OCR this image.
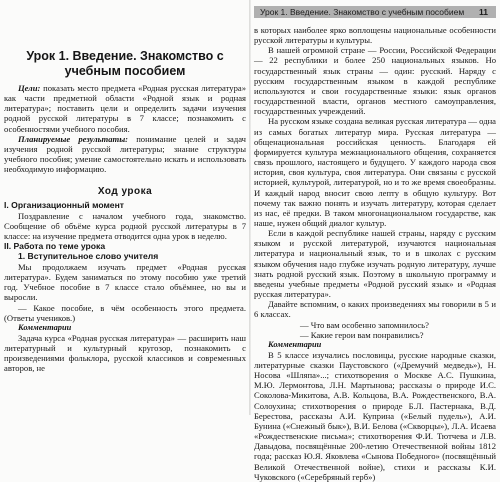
Урок 1. Введение. Знакомство с учебным пособием

Цели: показать место предмета «Родная русская литература» как части предметной области «Родной язык и родная литература»; поставить цели и определить задачи изучения родной русской литературы в 7 классе; познакомить с особенностями учебного пособия.

Планируемые результаты: понимание целей и задач изучения родной русской литературы; знание структуры учебного пособия; умение самостоятельно искать и использовать необходимую информацию.

Ход урока
I. Организационный момент

Поздравление с началом учебного года, знакомство. Сообщение об объёме курса родной русской литературы в 7 классе: на изучение предмета отводится одна урок в неделю.

II. Работа по теме урока
1. Вступительное слово учителя

Мы продолжаем изучать предмет «Родная русская литература». Будем заниматься по этому пособию уже третий год. Учебное пособие в 7 классе стало объёмнее, но вы и выросли.

— Какое пособие, в чём особенность этого предмета. (Ответы учеников.)

Комментарии

Задача курса «Родная русская литература» — расширить наш литературный и культурный кругозор, познакомить с произведениями фольклора, русской классиков и современных авторов, не

Урок 1. Введение. Знакомство с учебным пособием 11

в которых наиболее ярко воплощены национальные особенности русской литературы и культуры.

В нашей огромной стране — России, Российской Федерации — 22 республики и более 250 национальных языков. Но государственный язык страны — один: русский. Наряду с русским государственным языком в каждой республике используются и свои государственные языки: язык органов государственной власти, органов местного самоуправления, государственных учреждений.

На русском языке создана великая русская литература — одна из самых богатых литератур мира. Русская литература — общенациональная российская ценность. Благодаря ей формируется культура межнационального общения, сохраняется связь прошлого, настоящего и будущего. У каждого народа своя история, своя культура, своя литература. Они связаны с русской историей, культурой, литературой, но и то же время своеобразны. И каждый народ вносит свою лепту в общую культуру. Вот почему так важно понять и изучать литературу, которая сделает из нас, её предки. В таком многонациональном государстве, как наше, нужен общий диалог культур.

Если в каждой республике нашей страны, наряду с русским языком и русской литературой, изучаются национальная литература и национальный язык, то и в школах с русским языком обучения надо глубже изучать родную литературу, лучше знать родной русский язык. Поэтому в школьную программу и введены учебные предметы «Родной русский язык» и «Родная русская литература».

Давайте вспомним, о каких произведениях мы говорили в 5 и 6 классах.

— Что вам особенно запомнилось?

— Какие герои вам понравились?

Комментарии

В 5 классе изучались пословицы, русские народные сказки, литературные сказки Паустовского («Дремучий медведь»), Н. Носова «Шляпа»...; стихотворения о Москве А.С. Пушкина, М.Ю. Лермонтова, Л.Н. Мартынова; рассказы о природе И.С. Соколова-Микитова, А.В. Кольцова, В.А. Рождественского, В.А. Солоухина; стихотворения о природе Б.Л. Пастернака, В.Д. Берестова, рассказы А.И. Куприна («Белый пудель»), А.И. Бунина («Снежный бык»), В.И. Белова («Скворцы»), Л.А. Исаева «Рождественские письма»; стихотворения Ф.И. Тютчева и Л.В. Давыдова, посвящённые 200-летию Отечественной войны 1812 года; рассказ Ю.Я. Яковлева «Сынова Победного» (посвящённый Великой Отечественной войне), стихи и рассказы К.И. Чуковского («Серебряный герб»)
